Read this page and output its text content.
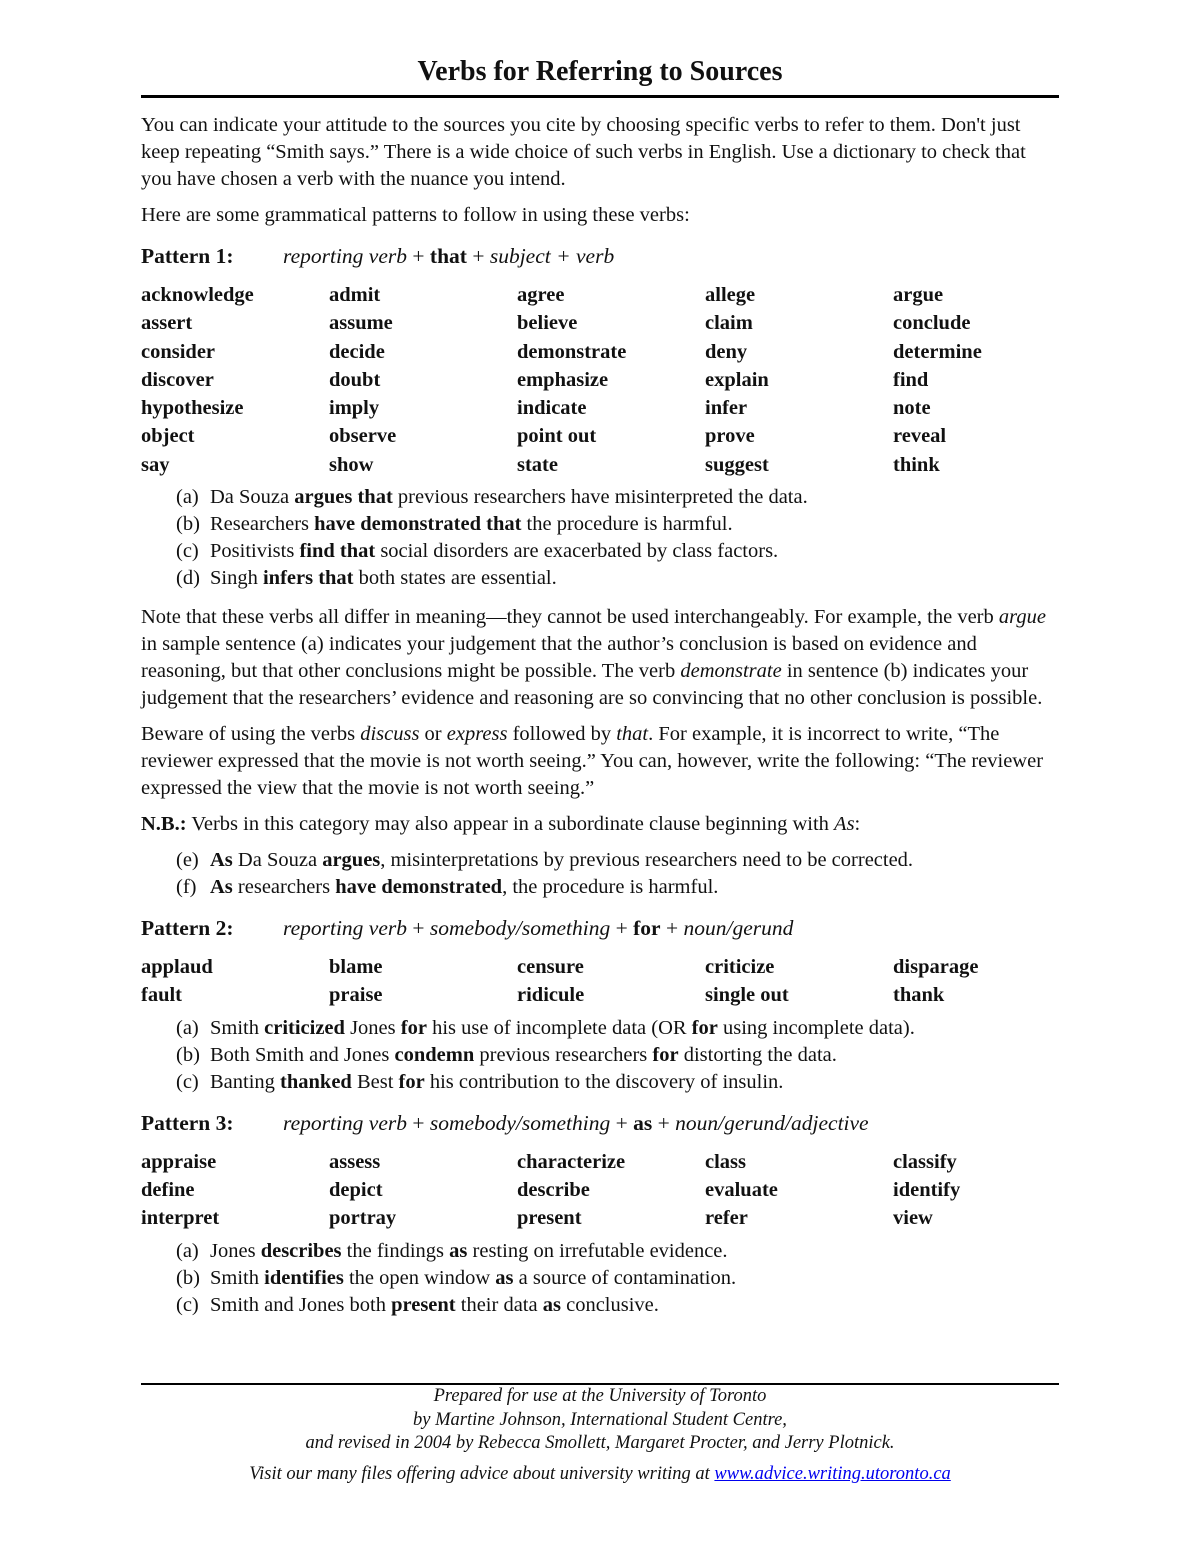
Verbs for Referring to Sources

You can indicate your attitude to the sources you cite by choosing specific verbs to refer to them. Don't just keep repeating “Smith says.” There is a wide choice of such verbs in English. Use a dictionary to check that you have chosen a verb with the nuance you intend.

Here are some grammatical patterns to follow in using these verbs:

Pattern 1: reporting verb + that + subject + verb

acknowledge	admit	agree	allege	argue
assert	assume	believe	claim	conclude
consider	decide	demonstrate	deny	determine
discover	doubt	emphasize	explain	find
hypothesize	imply	indicate	infer	note
object	observe	point out	prove	reveal
say	show	state	suggest	think
(a) Da Souza argues that previous researchers have misinterpreted the data.
(b) Researchers have demonstrated that the procedure is harmful.
(c) Positivists find that social disorders are exacerbated by class factors.
(d) Singh infers that both states are essential.

Note that these verbs all differ in meaning—they cannot be used interchangeably. For example, the verb argue in sample sentence (a) indicates your judgement that the author’s conclusion is based on evidence and reasoning, but that other conclusions might be possible. The verb demonstrate in sentence (b) indicates your judgement that the researchers’ evidence and reasoning are so convincing that no other conclusion is possible.

Beware of using the verbs discuss or express followed by that. For example, it is incorrect to write, “The reviewer expressed that the movie is not worth seeing.” You can, however, write the following: “The reviewer expressed the view that the movie is not worth seeing.”

N.B.: Verbs in this category may also appear in a subordinate clause beginning with As:

(e) As Da Souza argues, misinterpretations by previous researchers need to be corrected.
(f) As researchers have demonstrated, the procedure is harmful.

Pattern 2: reporting verb + somebody/something + for + noun/gerund

applaud	blame	censure	criticize	disparage
fault	praise	ridicule	single out	thank
(a) Smith criticized Jones for his use of incomplete data (OR for using incomplete data).
(b) Both Smith and Jones condemn previous researchers for distorting the data.
(c) Banting thanked Best for his contribution to the discovery of insulin.

Pattern 3: reporting verb + somebody/something + as + noun/gerund/adjective

appraise	assess	characterize	class	classify
define	depict	describe	evaluate	identify
interpret	portray	present	refer	view
(a) Jones describes the findings as resting on irrefutable evidence.
(b) Smith identifies the open window as a source of contamination.
(c) Smith and Jones both present their data as conclusive.
Prepared for use at the University of Toronto
by Martine Johnson, International Student Centre,
and revised in 2004 by Rebecca Smollett, Margaret Procter, and Jerry Plotnick.
Visit our many files offering advice about university writing at www.advice.writing.utoronto.ca
